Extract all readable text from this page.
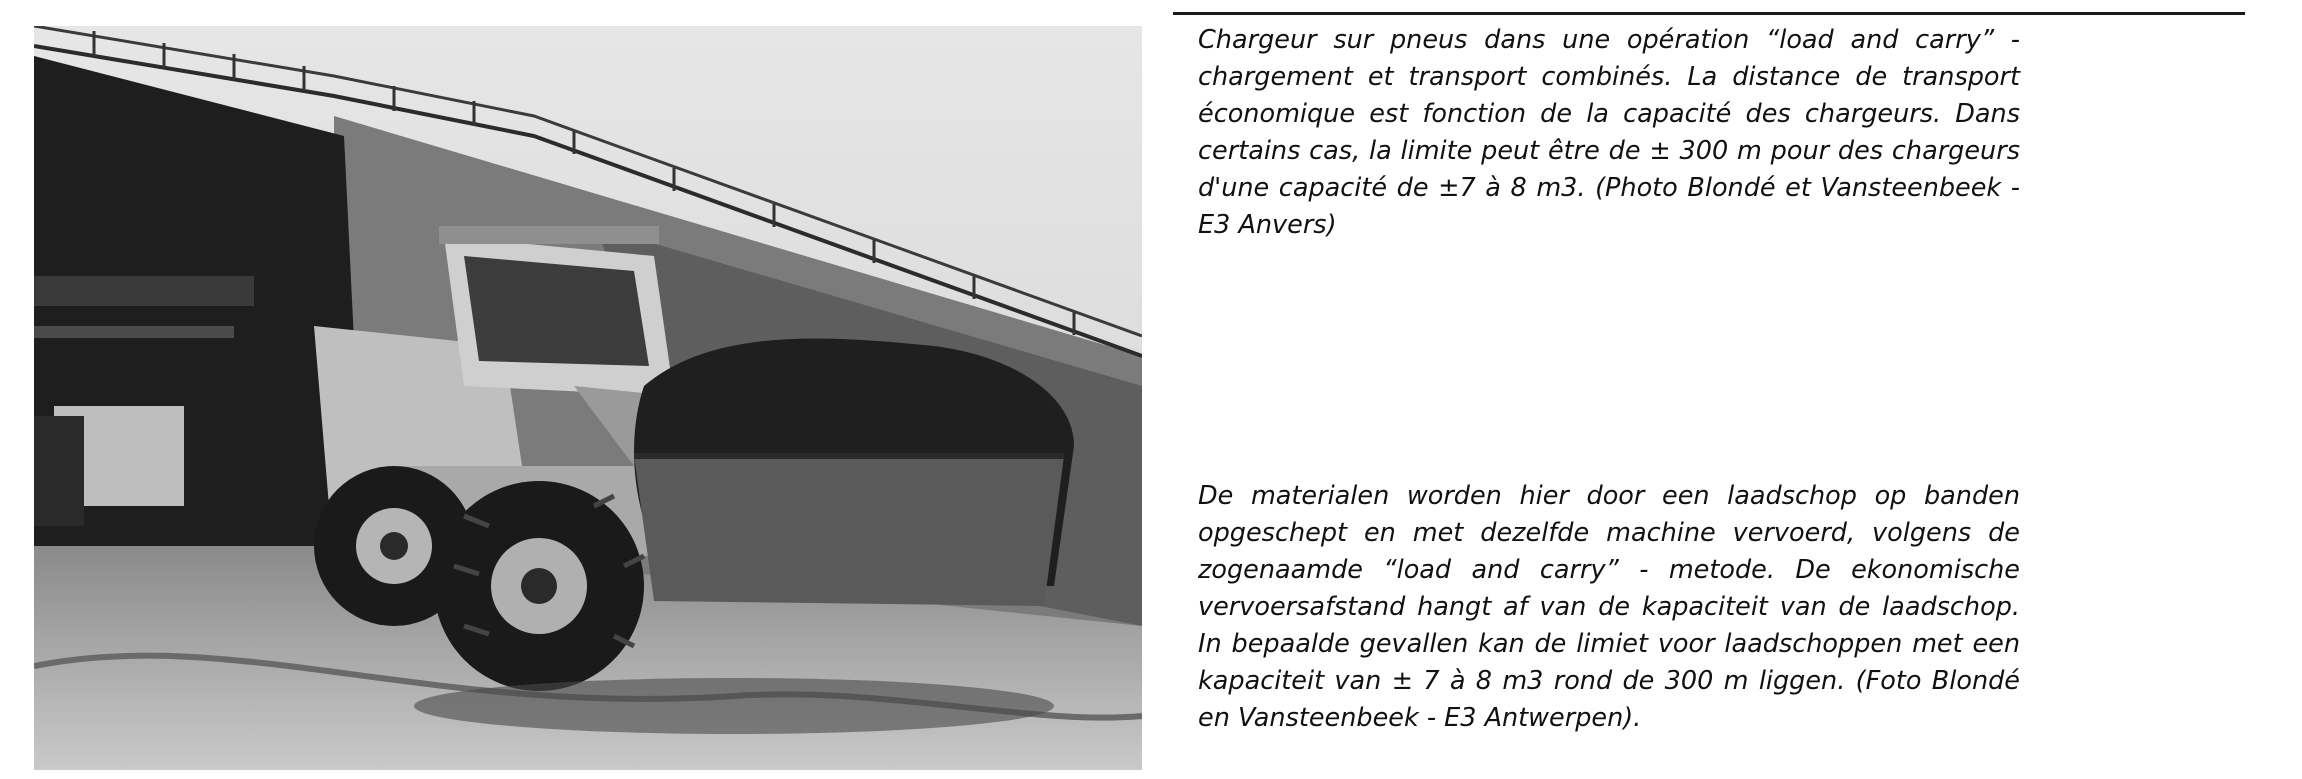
Chargeur sur pneus dans une opération “load and carry” - chargement et transport combinés. La distance de transport économique est fonction de la capacité des chargeurs. Dans certains cas, la limite peut être de ± 300 m pour des chargeurs d'une capacité de ±7 à 8 m3. (Photo Blondé et Vansteenbeek - E3 Anvers)

De materialen worden hier door een laadschop op banden opgeschept en met dezelfde machine vervoerd, volgens de zogenaamde “load and carry” - metode. De ekonomische vervoersafstand hangt af van de kapaciteit van de laadschop. In bepaalde gevallen kan de limiet voor laadschoppen met een kapaciteit van ± 7 à 8 m3 rond de 300 m liggen. (Foto Blondé en Vansteenbeek - E3 Antwerpen).
